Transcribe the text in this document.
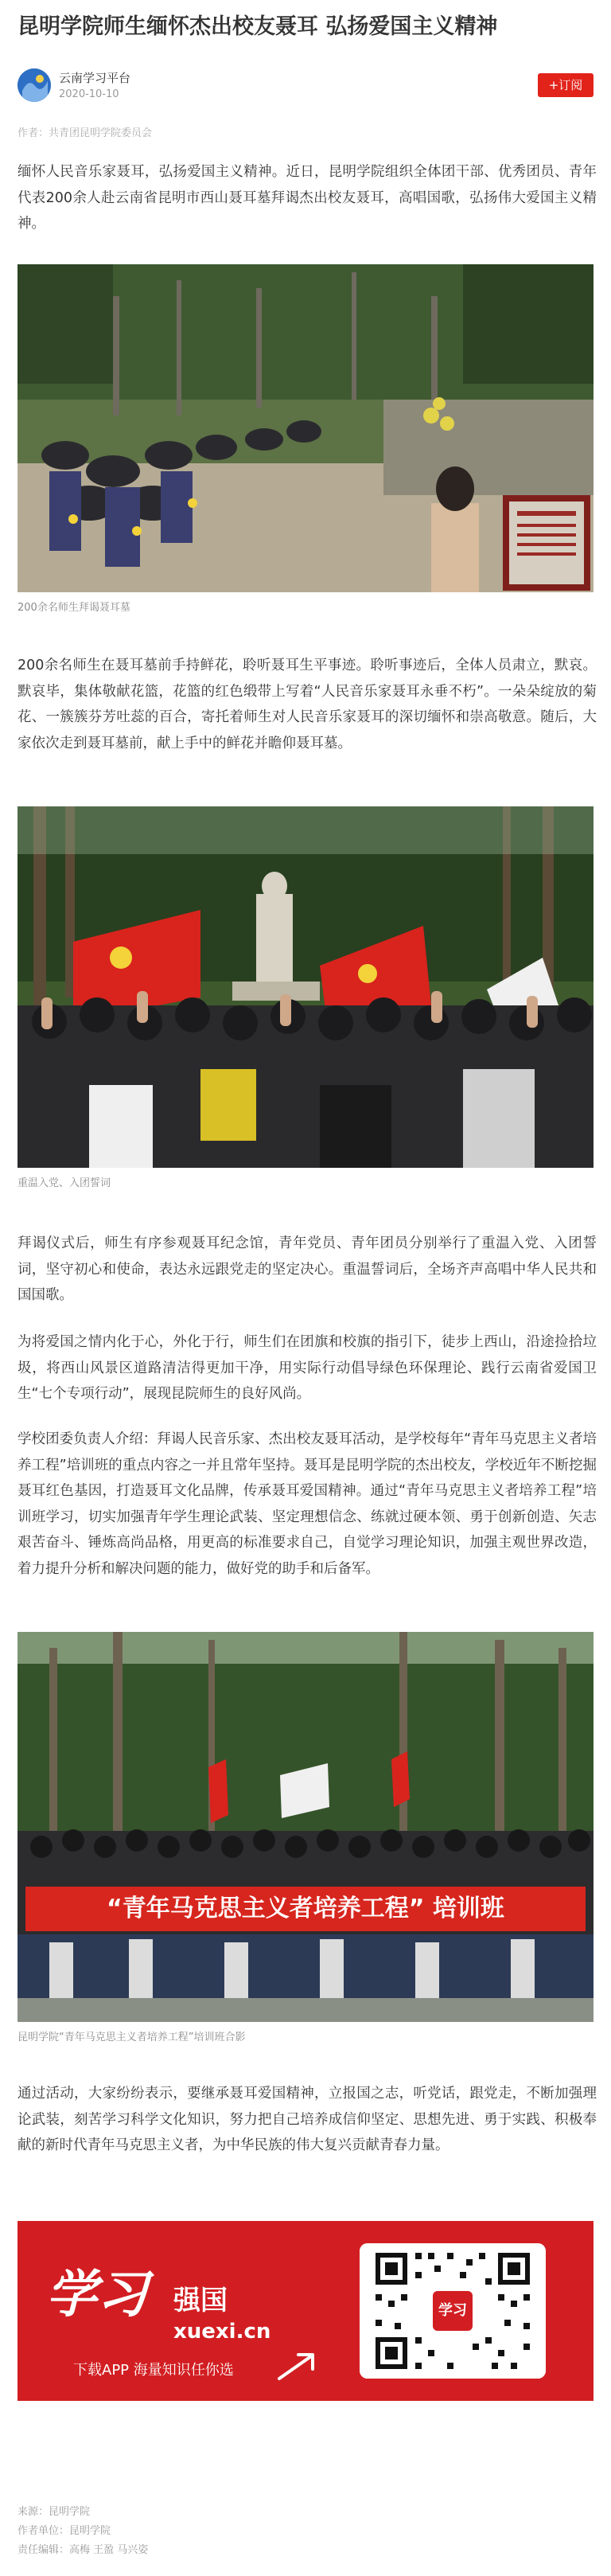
昆明学院师生缅怀杰出校友聂耳 弘扬爱国主义精神
云南学习平台
2020-10-10
+订阅
作者：共青团昆明学院委员会

缅怀人民音乐家聂耳，弘扬爱国主义精神。近日，昆明学院组织全体团干部、优秀团员、青年代表200余人赴云南省昆明市西山聂耳墓拜谒杰出校友聂耳，高唱国歌，弘扬伟大爱国主义精神。

200余名师生拜谒聂耳墓

200余名师生在聂耳墓前手持鲜花，聆听聂耳生平事迹。聆听事迹后，全体人员肃立，默哀。默哀毕，集体敬献花篮，花篮的红色缎带上写着“人民音乐家聂耳永垂不朽”。一朵朵绽放的菊花、一簇簇芬芳吐蕊的百合，寄托着师生对人民音乐家聂耳的深切缅怀和崇高敬意。随后，大家依次走到聂耳墓前，献上手中的鲜花并瞻仰聂耳墓。

重温入党、入团誓词

拜谒仪式后，师生有序参观聂耳纪念馆，青年党员、青年团员分别举行了重温入党、入团誓词，坚守初心和使命，表达永远跟党走的坚定决心。重温誓词后，全场齐声高唱中华人民共和国国歌。

为将爱国之情内化于心，外化于行，师生们在团旗和校旗的指引下，徒步上西山，沿途捡拾垃圾，将西山风景区道路清洁得更加干净，用实际行动倡导绿色环保理论、践行云南省爱国卫生“七个专项行动”，展现昆院师生的良好风尚。

学校团委负责人介绍：拜谒人民音乐家、杰出校友聂耳活动，是学校每年“青年马克思主义者培养工程”培训班的重点内容之一并且常年坚持。聂耳是昆明学院的杰出校友，学校近年不断挖掘聂耳红色基因，打造聂耳文化品牌，传承聂耳爱国精神。通过“青年马克思主义者培养工程”培训班学习，切实加强青年学生理论武装、坚定理想信念、练就过硬本领、勇于创新创造、矢志艰苦奋斗、锤炼高尚品格，用更高的标准要求自己，自觉学习理论知识，加强主观世界改造，着力提升分析和解决问题的能力，做好党的助手和后备军。

“青年马克思主义者培养工程” 培训班
昆明学院“青年马克思主义者培养工程”培训班合影

通过活动，大家纷纷表示，要继承聂耳爱国精神，立报国之志，听党话，跟党走，不断加强理论武装，刻苦学习科学文化知识，努力把自己培养成信仰坚定、思想先进、勇于实践、积极奉献的新时代青年马克思主义者，为中华民族的伟大复兴贡献青春力量。

学习 强国
xuexi.cn
下载APP 海量知识任你选
学习
来源：昆明学院
作者单位：昆明学院
责任编辑：高梅 王盈 马兴姿
